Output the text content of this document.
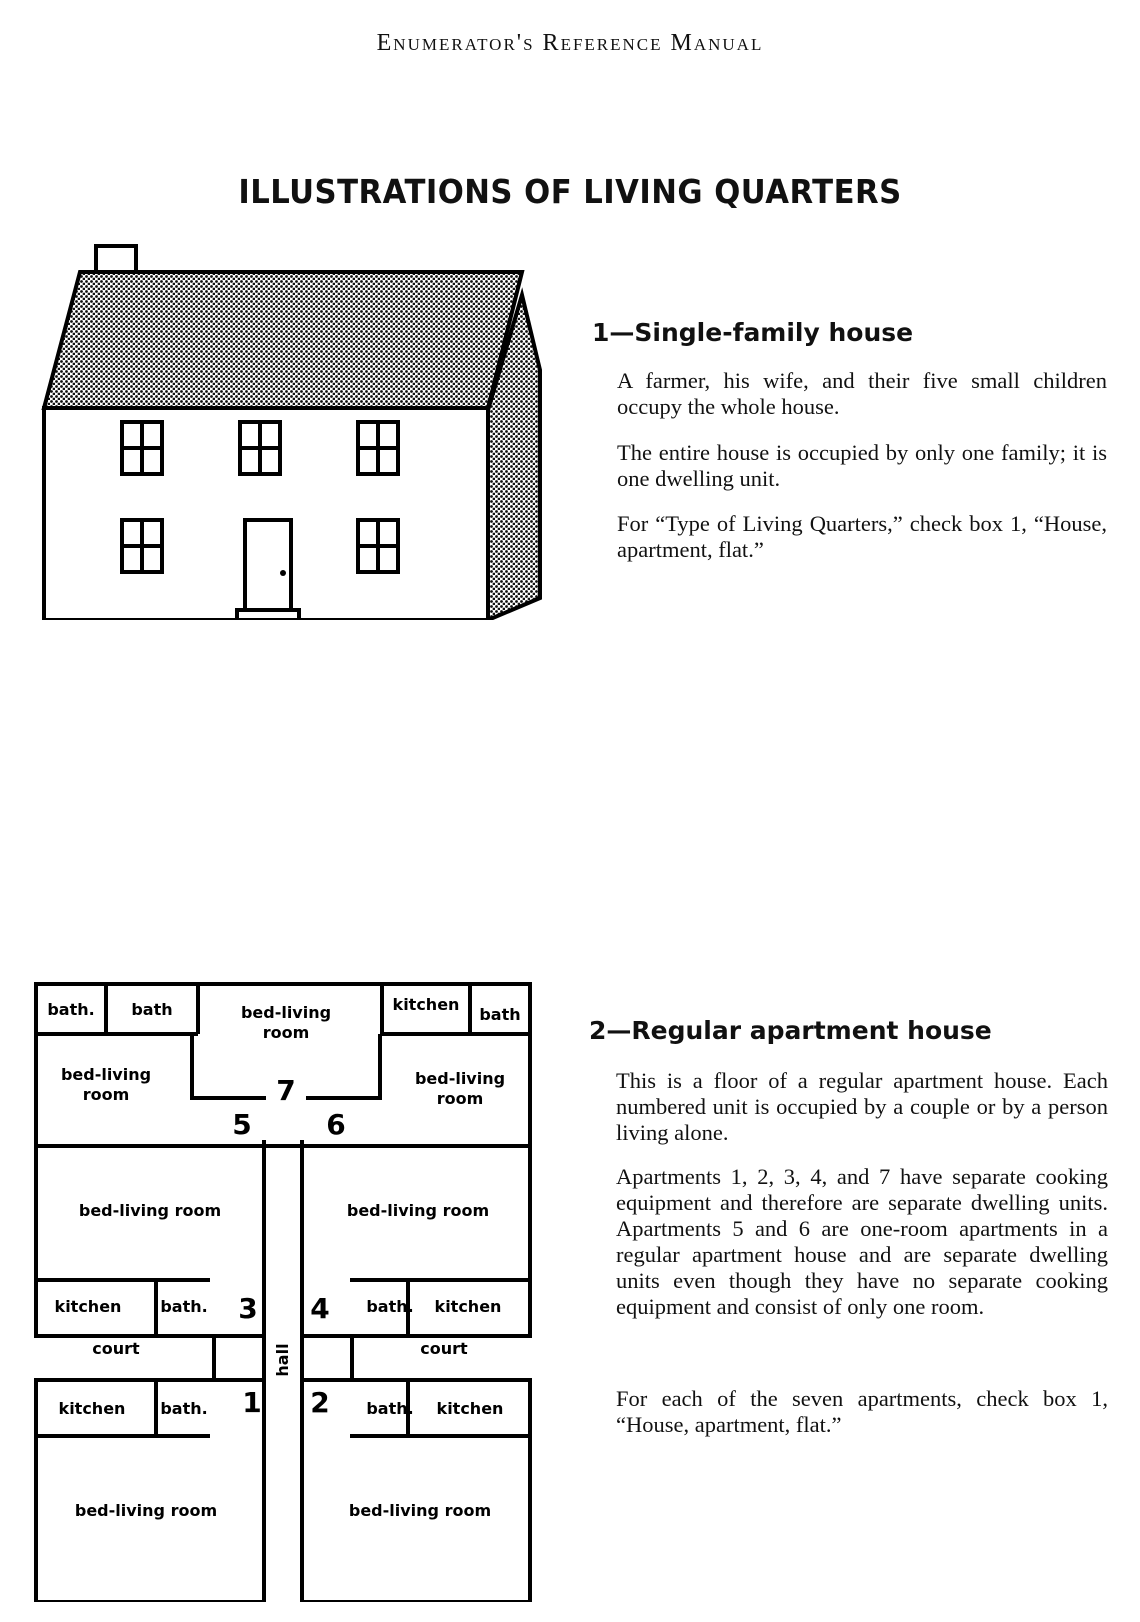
Enumerator's Reference Manual
ILLUSTRATIONS OF LIVING QUARTERS
1—Single-family house

A farmer, his wife, and their five small children occupy the whole house.

The entire house is occupied by only one family; it is one dwelling unit.

For “Type of Living Quarters,” check box 1, “House, apartment, flat.”

bath. bath	bed-living
room
kitchen
bath
bed-living
room
bed-living
room
bed-living room	bed-living room
kitchen bath.	bath. kitchen
court	court
kitchen bath.	bath. kitchen
bed-living room	bed-living room
hall
7
5	6
3 4
1 2
2—Regular apartment house

This is a floor of a regular apartment house. Each numbered unit is occupied by a couple or by a person living alone.

Apartments 1, 2, 3, 4, and 7 have separate cooking equipment and therefore are separate dwelling units. Apartments 5 and 6 are one-room apartments in a regular apartment house and are separate dwelling units even though they have no separate cooking equipment and consist of only one room.

For each of the seven apartments, check box 1, “House, apartment, flat.”
